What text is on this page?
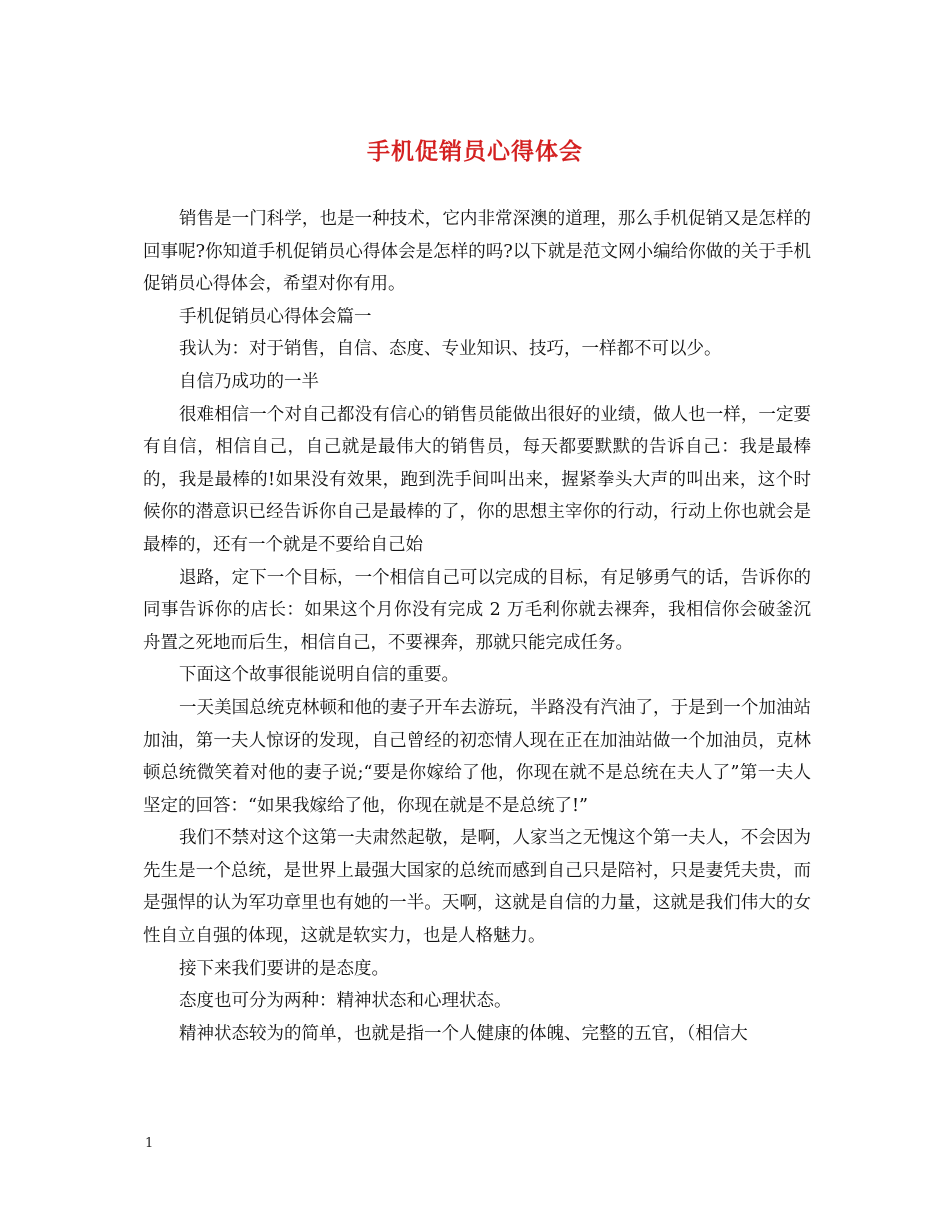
手机促销员心得体会

销售是一门科学，也是一种技术，它内非常深澳的道理，那么手机促销又是怎样的回事呢?你知道手机促销员心得体会是怎样的吗?以下就是范文网小编给你做的关于手机促销员心得体会，希望对你有用。

手机促销员心得体会篇一

我认为：对于销售，自信、态度、专业知识、技巧，一样都不可以少。

自信乃成功的一半

很难相信一个对自己都没有信心的销售员能做出很好的业绩，做人也一样，一定要有自信，相信自己，自己就是最伟大的销售员，每天都要默默的告诉自己：我是最棒的，我是最棒的!如果没有效果，跑到洗手间叫出来，握紧拳头大声的叫出来，这个时候你的潜意识已经告诉你自己是最棒的了，你的思想主宰你的行动，行动上你也就会是最棒的，还有一个就是不要给自己始

退路，定下一个目标，一个相信自己可以完成的目标，有足够勇气的话，告诉你的同事告诉你的店长：如果这个月你没有完成 2 万毛利你就去裸奔，我相信你会破釜沉舟置之死地而后生，相信自己，不要裸奔，那就只能完成任务。

下面这个故事很能说明自信的重要。

一天美国总统克林顿和他的妻子开车去游玩，半路没有汽油了，于是到一个加油站加油，第一夫人惊讶的发现，自己曾经的初恋情人现在正在加油站做一个加油员，克林顿总统微笑着对他的妻子说;“要是你嫁给了他，你现在就不是总统在夫人了”第一夫人坚定的回答：“如果我嫁给了他，你现在就是不是总统了!”

我们不禁对这个这第一夫肃然起敬，是啊，人家当之无愧这个第一夫人，不会因为先生是一个总统，是世界上最强大国家的总统而感到自己只是陪衬，只是妻凭夫贵，而是强悍的认为军功章里也有她的一半。天啊，这就是自信的力量，这就是我们伟大的女性自立自强的体现，这就是软实力，也是人格魅力。

接下来我们要讲的是态度。

态度也可分为两种：精神状态和心理状态。

精神状态较为的简单，也就是指一个人健康的体魄、完整的五官，（相信大

1
